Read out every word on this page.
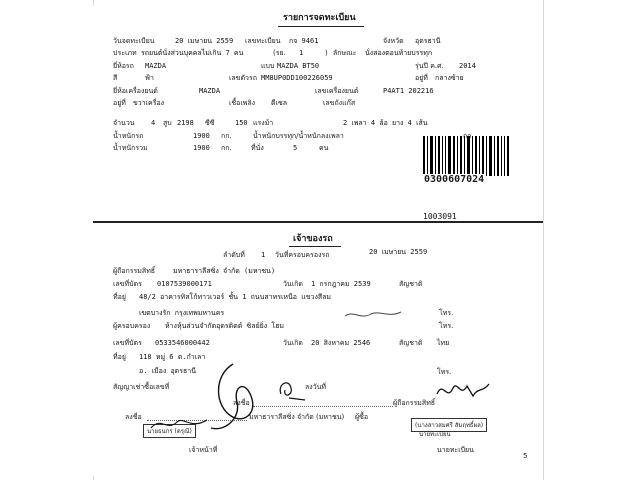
รายการจดทะเบียน
วันจดทะเบียน	20 เมษายน 2559 เลขทะเบียน กจ 9461	จังหวัด อุดรธานี
ประเภท รถยนต์นั่งส่วนบุคคลไม่เกิน 7 คน	(รย. 1	) ลักษณะ นั่งสองตอนท้ายบรรทุก
ยี่ห้อรถ MAZDA	แบบ MAZDA BT50	รุ่นปี ค.ศ. 2014
สี	ฟ้า	เลขตัวรถ MM8UP0DD100226059	อยู่ที่ กลางซ้าย
ยี่ห้อเครื่องยนต์	MAZDA	เลขเครื่องยนต์	P4AT1 202216
อยู่ที่ ขวาเครื่อง	เชื้อเพลิง ดีเซล	เลขถังแก๊ส
จำนวน 4 สูบ 2198 ซีซี	150 แรงม้า	2 เพลา 4 ล้อ ยาง 4 เส้น
น้ำหนักรถ	1900 กก.	น้ำหนักบรรทุก/น้ำหนักลงเพลา
น้ำหนักรวม	1900 กก.	ที่นั่ง	5	คน
0300607024
1003091
เจ้าของรถ
ลำดับที่ 1 วันที่ครอบครองรถ	20 เมษายน 2559
ผู้ถือกรรมสิทธิ์	มหาธาราลีสซิ่ง จำกัด (มหาชน)
เลขที่บัตร 0107539000171	วันเกิด 1 กรกฎาคม 2539	สัญชาติ
ที่อยู่ 48/2 อาคารทิสโก้ทาวเวอร์ ชั้น 1 ถนนสาทรเหนือ แขวงสีลม
เขตบางรัก กรุงเทพมหานคร	โทร.
ผู้ครอบครอง ห้างหุ้นส่วนจำกัดอุดรติดต์ ซิลย์ยิ่ง โฮม	โทร.
เลขที่บัตร 0533546000442	วันเกิด 20 สิงหาคม 2546	สัญชาติ ไทย
ที่อยู่ 118 หมู่ 6 ต.กำเลา
อ. เมือง อุดรธานี	โทร.
สัญญาเช่าซื้อเลขที่	ลงวันที่
ลงชื่อ	ผู้ถือกรรมสิทธิ์
ลงชื่อ	มหาธาราลีสซิ่ง จำกัด (มหาชน) ผู้ซื้อ
นายธนกร (ดรุณี)
เจ้าหน้าที่
(นางสาวสมศรี สัมฤทธิ์ผล)
นายทะเบียน
นายทะเบียน
5
